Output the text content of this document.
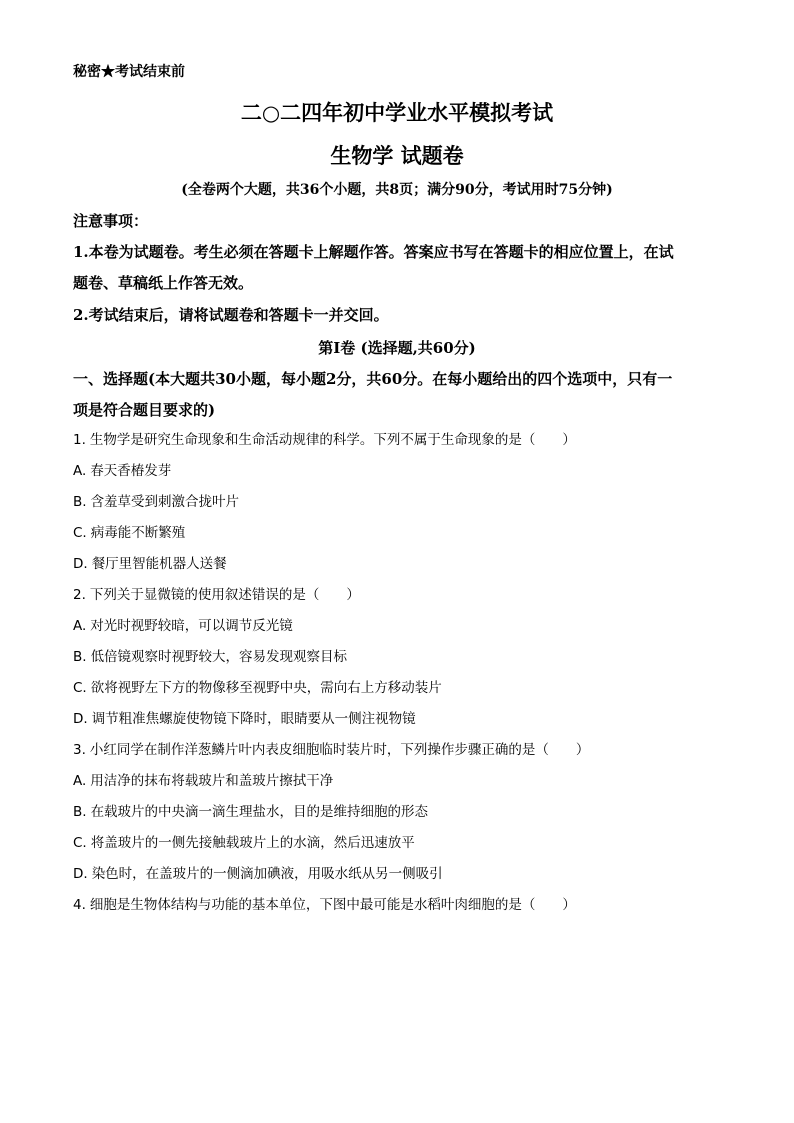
秘密★考试结束前
二○二四年初中学业水平模拟考试
生物学 试题卷
(全卷两个大题，共36个小题，共8页；满分90分，考试用时75分钟)
注意事项：
1.本卷为试题卷。考生必须在答题卡上解题作答。答案应书写在答题卡的相应位置上，在试
题卷、草稿纸上作答无效。
2.考试结束后，请将试题卷和答题卡一并交回。
第Ⅰ卷 (选择题,共60分)
一、选择题(本大题共30小题，每小题2分，共60分。在每小题给出的四个选项中，只有一
项是符合题目要求的)
1. 生物学是研究生命现象和生命活动规律的科学。下列不属于生命现象的是（　　）
A. 春天香椿发芽
B. 含羞草受到刺激合拢叶片
C. 病毒能不断繁殖
D. 餐厅里智能机器人送餐
2. 下列关于显微镜的使用叙述错误的是（　　）
A. 对光时视野较暗，可以调节反光镜
B. 低倍镜观察时视野较大，容易发现观察目标
C. 欲将视野左下方的物像移至视野中央，需向右上方移动装片
D. 调节粗准焦螺旋使物镜下降时，眼睛要从一侧注视物镜
3. 小红同学在制作洋葱鳞片叶内表皮细胞临时装片时，下列操作步骤正确的是（　　）
A. 用洁净的抹布将载玻片和盖玻片擦拭干净
B. 在载玻片的中央滴一滴生理盐水，目的是维持细胞的形态
C. 将盖玻片的一侧先接触载玻片上的水滴，然后迅速放平
D. 染色时，在盖玻片的一侧滴加碘液，用吸水纸从另一侧吸引
4. 细胞是生物体结构与功能的基本单位，下图中最可能是水稻叶肉细胞的是（　　）
